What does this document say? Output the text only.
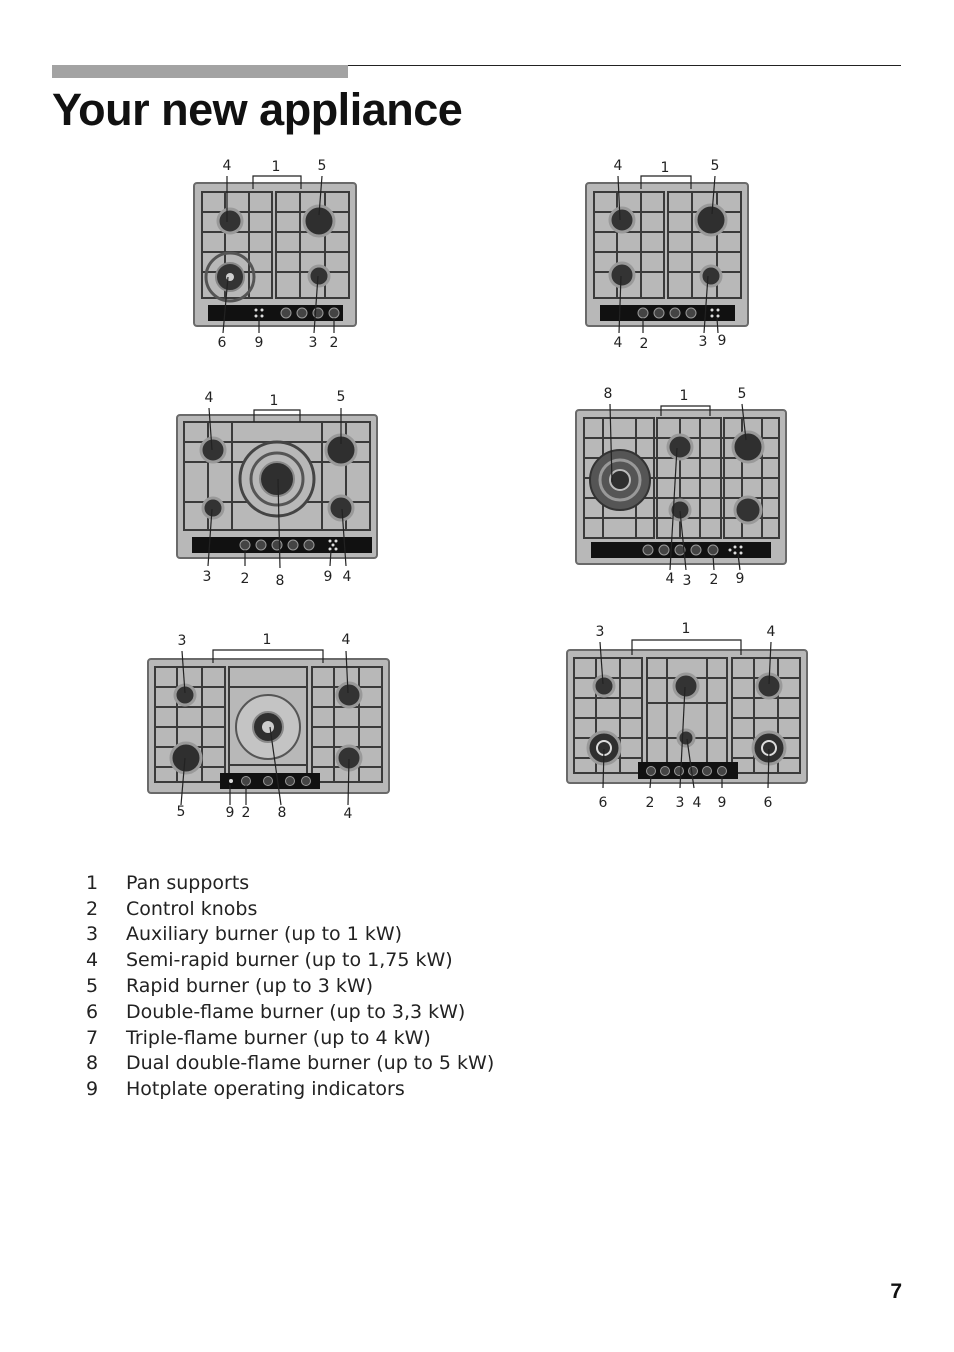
Your new appliance
4	1	5
6 9	3 2
4	1	5
4 2	3 9
4	1	5
3 2 8	9 4
8	1	5
4 3 2 9
3	1	4
5	9 2 8	4
3	1	4
6	2 3 4 9	6
1	Pan supports
2	Control knobs
3	Auxiliary burner (up to 1 kW)
4	Semi-rapid burner (up to 1,75 kW)
5	Rapid burner (up to 3 kW)
6	Double-flame burner (up to 3,3 kW)
7	Triple-flame burner (up to 4 kW)
8	Dual double-flame burner (up to 5 kW)
9	Hotplate operating indicators
7
